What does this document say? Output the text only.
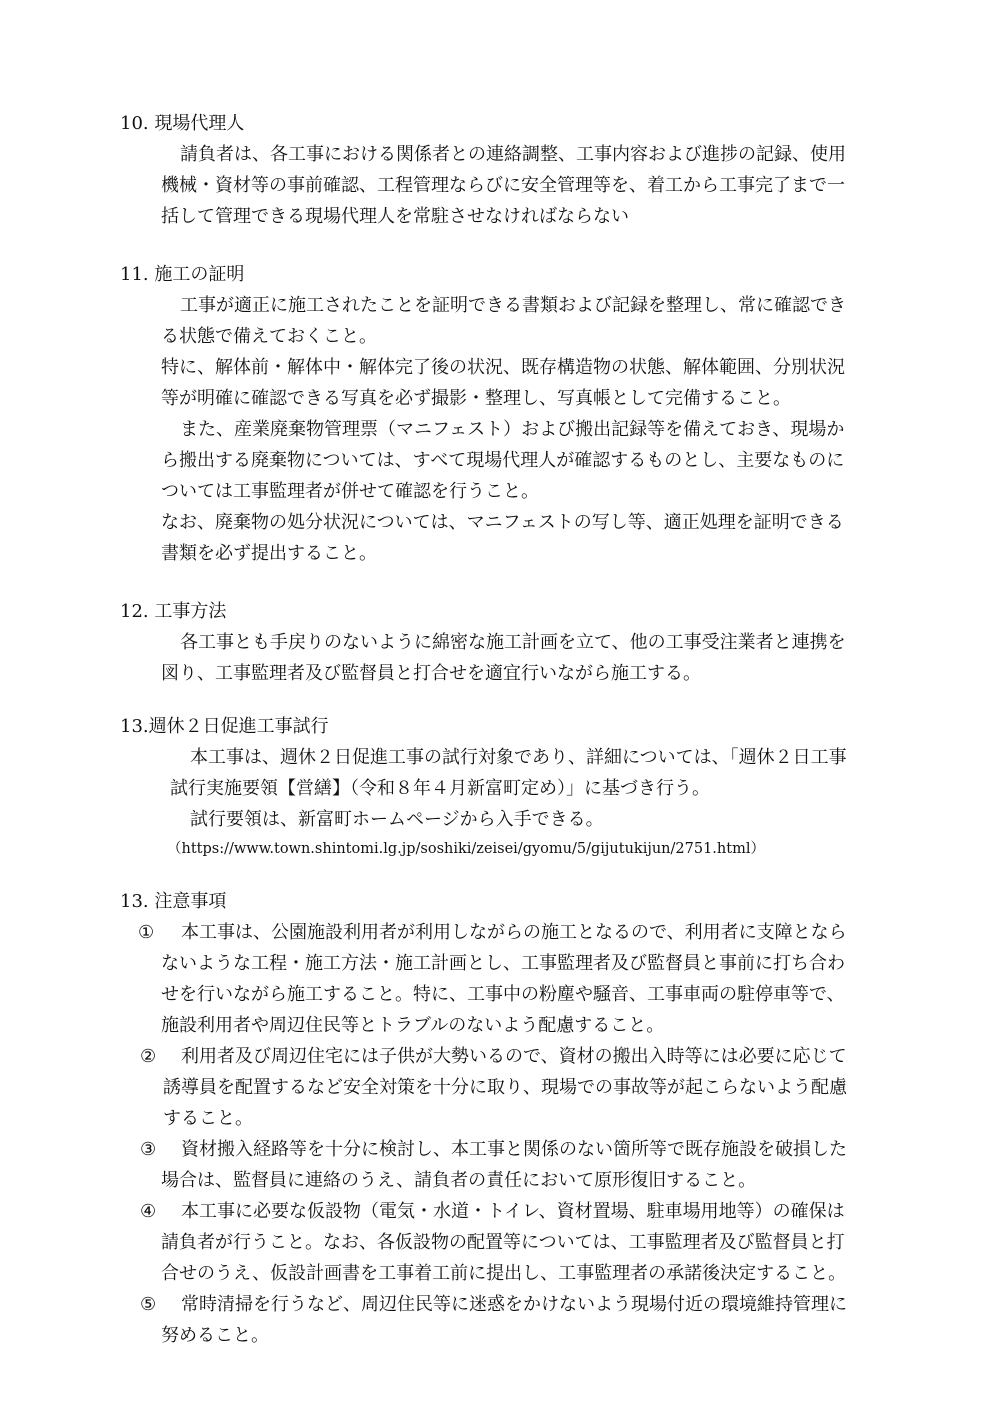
10. 現場代理人
請負者は、各工事における関係者との連絡調整、工事内容および進捗の記録、使用
機械・資材等の事前確認、工程管理ならびに安全管理等を、着工から工事完了まで一
括して管理できる現場代理人を常駐させなければならない
11. 施工の証明
工事が適正に施工されたことを証明できる書類および記録を整理し、常に確認でき
る状態で備えておくこと。
特に、解体前・解体中・解体完了後の状況、既存構造物の状態、解体範囲、分別状況
等が明確に確認できる写真を必ず撮影・整理し、写真帳として完備すること。
また、産業廃棄物管理票（マニフェスト）および搬出記録等を備えておき、現場か
ら搬出する廃棄物については、すべて現場代理人が確認するものとし、主要なものに
ついては工事監理者が併せて確認を行うこと。
なお、廃棄物の処分状況については、マニフェストの写し等、適正処理を証明できる
書類を必ず提出すること。
12. 工事方法
各工事とも手戻りのないように綿密な施工計画を立て、他の工事受注業者と連携を
図り、工事監理者及び監督員と打合せを適宜行いながら施工する。
13.週休２日促進工事試行
本工事は、週休２日促進工事の試行対象であり、詳細については、「週休２日工事
試行実施要領【営繕】（令和８年４月新富町定め）」に基づき行う。
試行要領は、新富町ホームページから入手できる。
（https://www.town.shintomi.lg.jp/soshiki/zeisei/gyomu/5/gijutukijun/2751.html）
13. 注意事項
① 本工事は、公園施設利用者が利用しながらの施工となるので、利用者に支障となら
ないような工程・施工方法・施工計画とし、工事監理者及び監督員と事前に打ち合わ
せを行いながら施工すること。特に、工事中の粉塵や騒音、工事車両の駐停車等で、
施設利用者や周辺住民等とトラブルのないよう配慮すること。
② 利用者及び周辺住宅には子供が大勢いるので、資材の搬出入時等には必要に応じて
誘導員を配置するなど安全対策を十分に取り、現場での事故等が起こらないよう配慮
すること。
③ 資材搬入経路等を十分に検討し、本工事と関係のない箇所等で既存施設を破損した
場合は、監督員に連絡のうえ、請負者の責任において原形復旧すること。
④ 本工事に必要な仮設物（電気・水道・トイレ、資材置場、駐車場用地等）の確保は
請負者が行うこと。なお、各仮設物の配置等については、工事監理者及び監督員と打
合せのうえ、仮設計画書を工事着工前に提出し、工事監理者の承諾後決定すること。
⑤ 常時清掃を行うなど、周辺住民等に迷惑をかけないよう現場付近の環境維持管理に
努めること。
